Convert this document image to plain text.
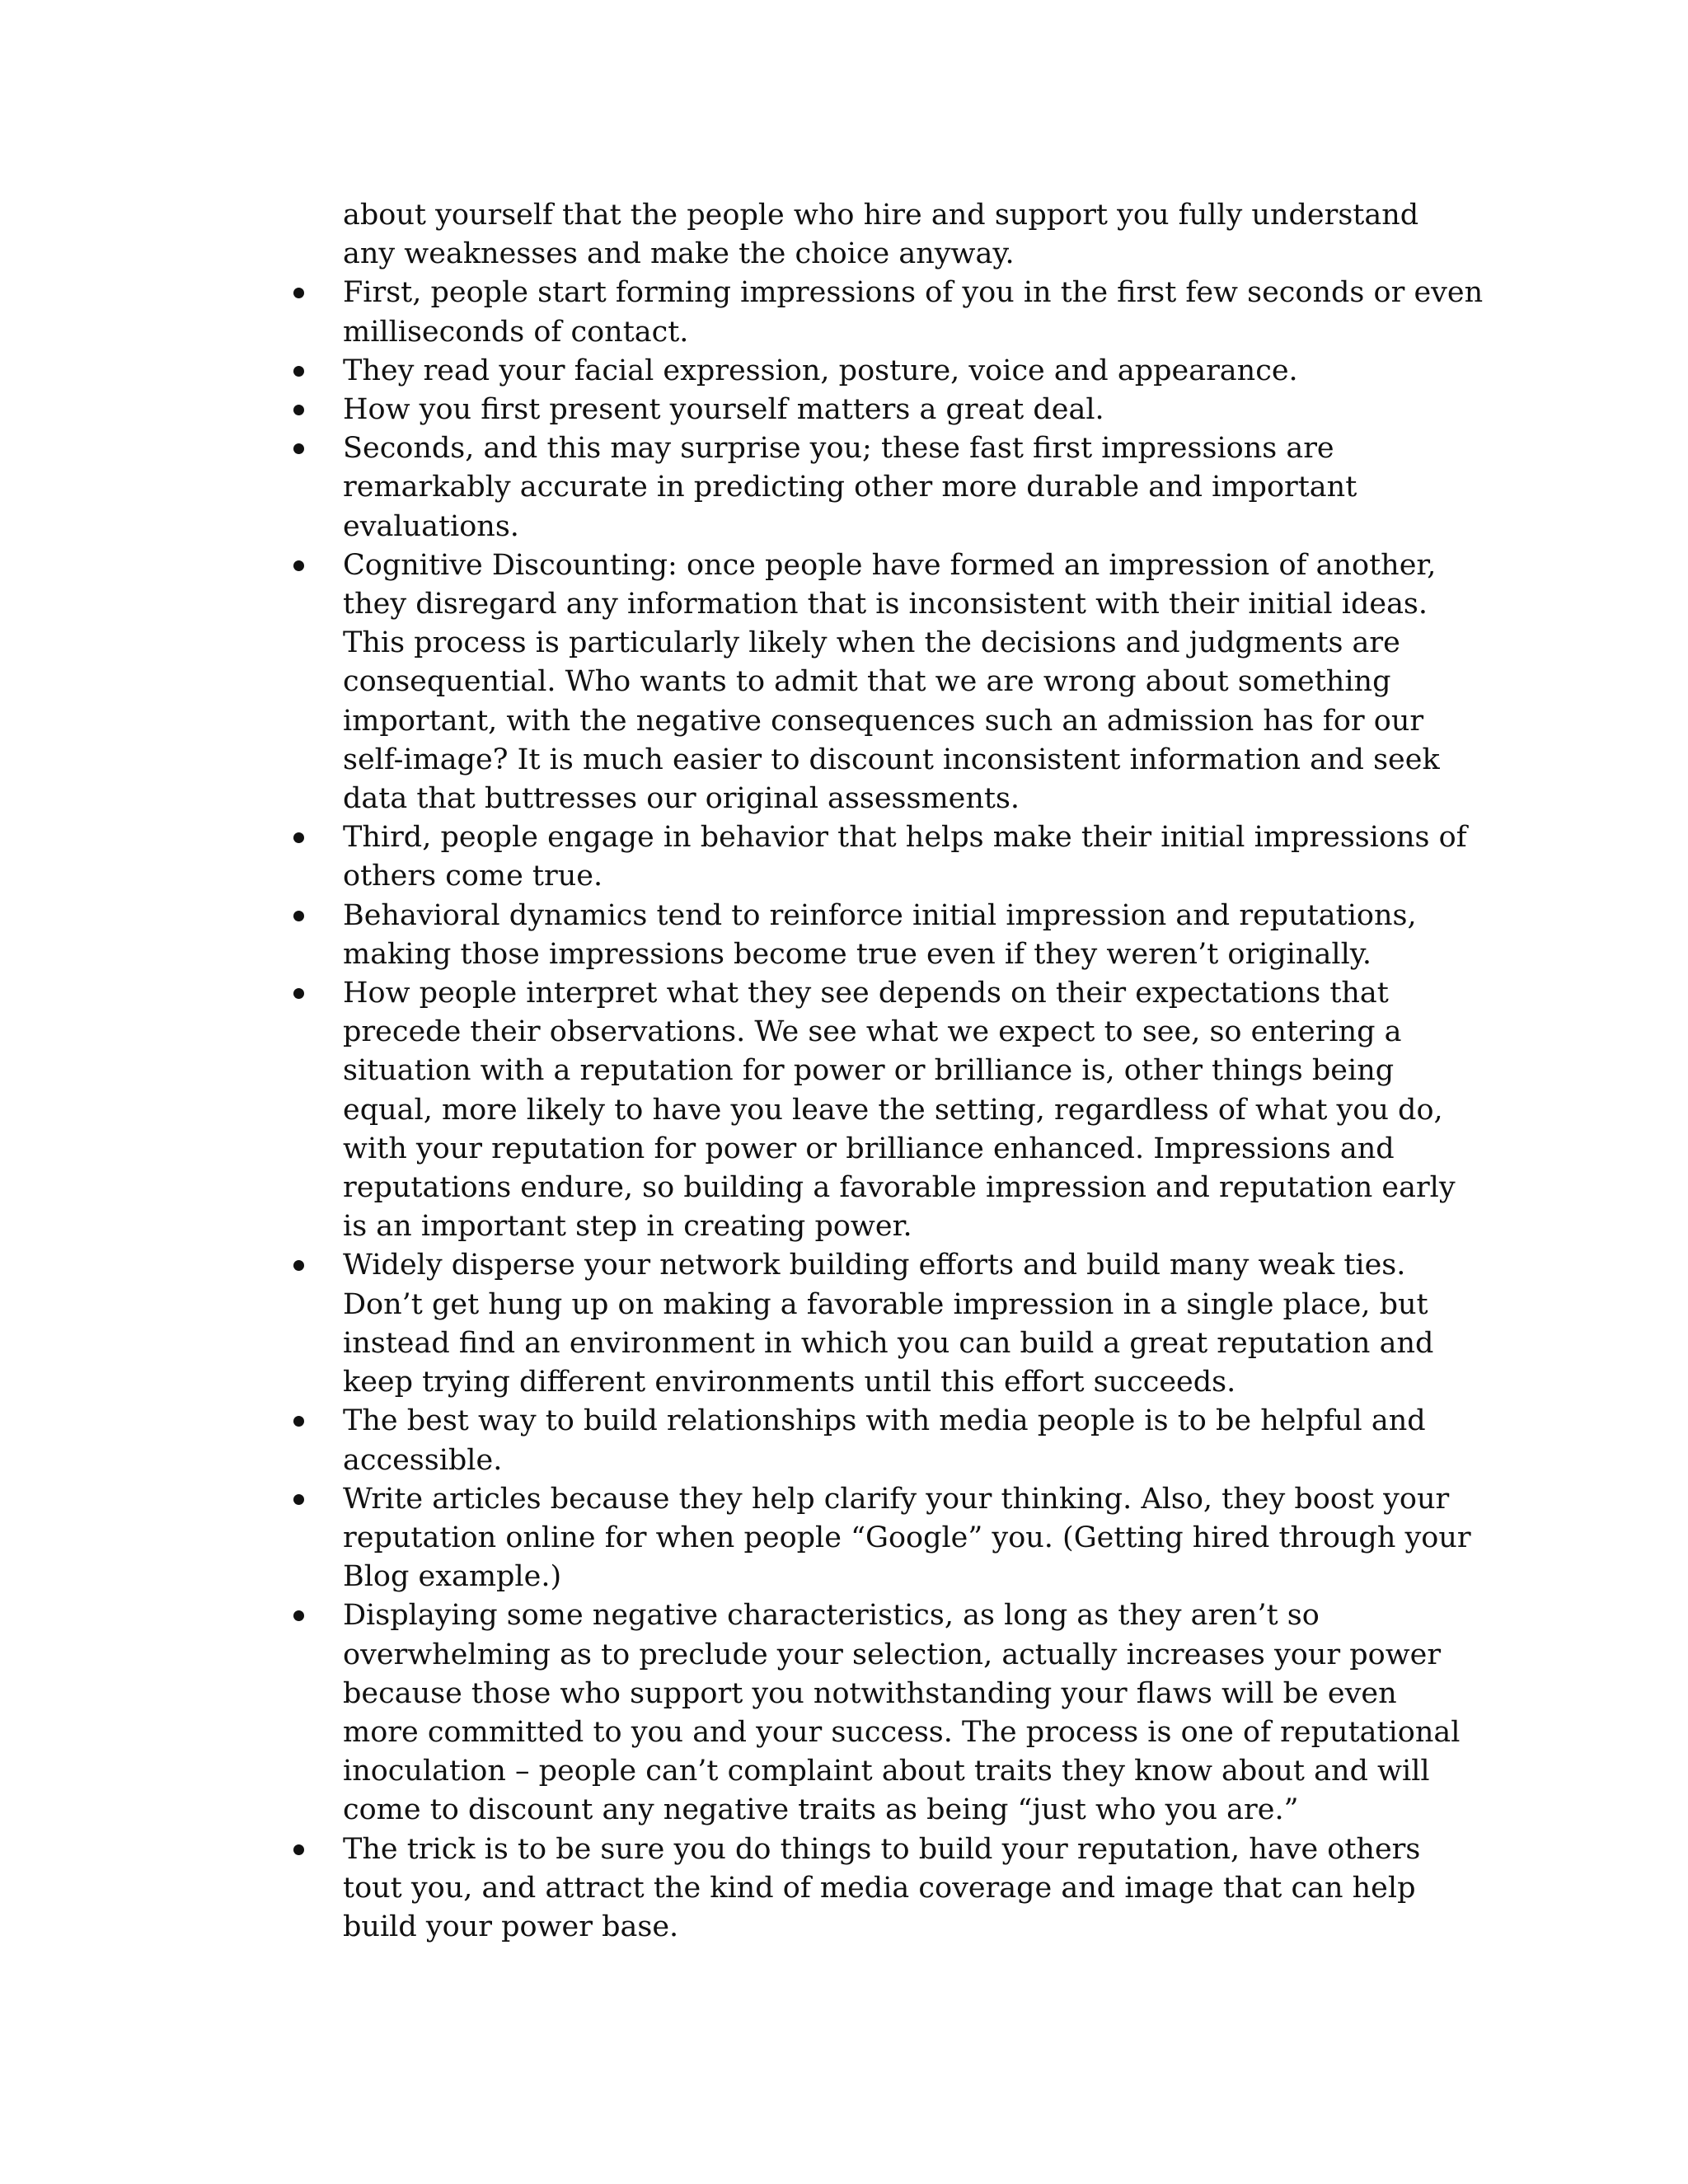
about yourself that the people who hire and support you fully understand
any weaknesses and make the choice anyway.
First, people start forming impressions of you in the first few seconds or even
milliseconds of contact.
They read your facial expression, posture, voice and appearance.
How you first present yourself matters a great deal.
Seconds, and this may surprise you; these fast first impressions are
remarkably accurate in predicting other more durable and important
evaluations.
Cognitive Discounting: once people have formed an impression of another,
they disregard any information that is inconsistent with their initial ideas.
This process is particularly likely when the decisions and judgments are
consequential. Who wants to admit that we are wrong about something
important, with the negative consequences such an admission has for our
self-image? It is much easier to discount inconsistent information and seek
data that buttresses our original assessments.
Third, people engage in behavior that helps make their initial impressions of
others come true.
Behavioral dynamics tend to reinforce initial impression and reputations,
making those impressions become true even if they weren’t originally.
How people interpret what they see depends on their expectations that
precede their observations. We see what we expect to see, so entering a
situation with a reputation for power or brilliance is, other things being
equal, more likely to have you leave the setting, regardless of what you do,
with your reputation for power or brilliance enhanced. Impressions and
reputations endure, so building a favorable impression and reputation early
is an important step in creating power.
Widely disperse your network building efforts and build many weak ties.
Don’t get hung up on making a favorable impression in a single place, but
instead find an environment in which you can build a great reputation and
keep trying different environments until this effort succeeds.
The best way to build relationships with media people is to be helpful and
accessible.
Write articles because they help clarify your thinking. Also, they boost your
reputation online for when people “Google” you. (Getting hired through your
Blog example.)
Displaying some negative characteristics, as long as they aren’t so
overwhelming as to preclude your selection, actually increases your power
because those who support you notwithstanding your flaws will be even
more committed to you and your success. The process is one of reputational
inoculation – people can’t complaint about traits they know about and will
come to discount any negative traits as being “just who you are.”
The trick is to be sure you do things to build your reputation, have others
tout you, and attract the kind of media coverage and image that can help
build your power base.
